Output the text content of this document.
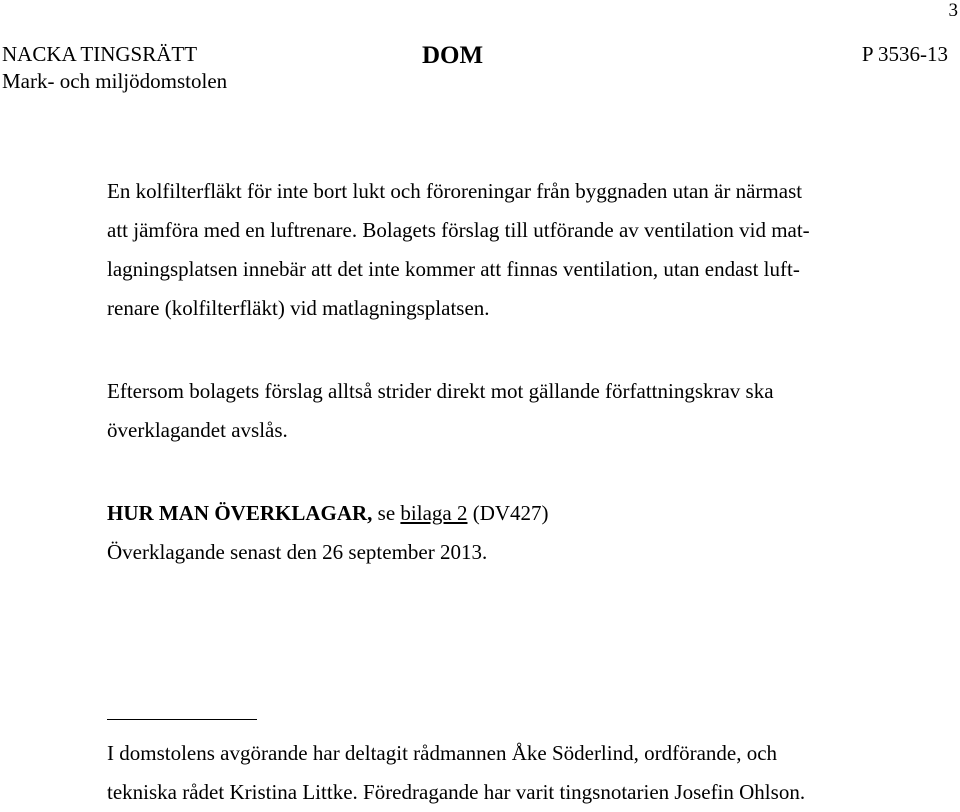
3
NACKA TINGSRÄTT
Mark- och miljödomstolen
DOM	P 3536-13

En kolfilterfläkt för inte bort lukt och föroreningar från byggnaden utan är närmast
att jämföra med en luftrenare. Bolagets förslag till utförande av ventilation vid mat-
lagningsplatsen innebär att det inte kommer att finnas ventilation, utan endast luft-
renare (kolfilterfläkt) vid matlagningsplatsen.

Eftersom bolagets förslag alltså strider direkt mot gällande författningskrav ska
överklagandet avslås.

HUR MAN ÖVERKLAGAR, se bilaga 2 (DV427)
Överklagande senast den 26 september 2013.

I domstolens avgörande har deltagit rådmannen Åke Söderlind, ordförande, och
tekniska rådet Kristina Littke. Föredragande har varit tingsnotarien Josefin Ohlson.
